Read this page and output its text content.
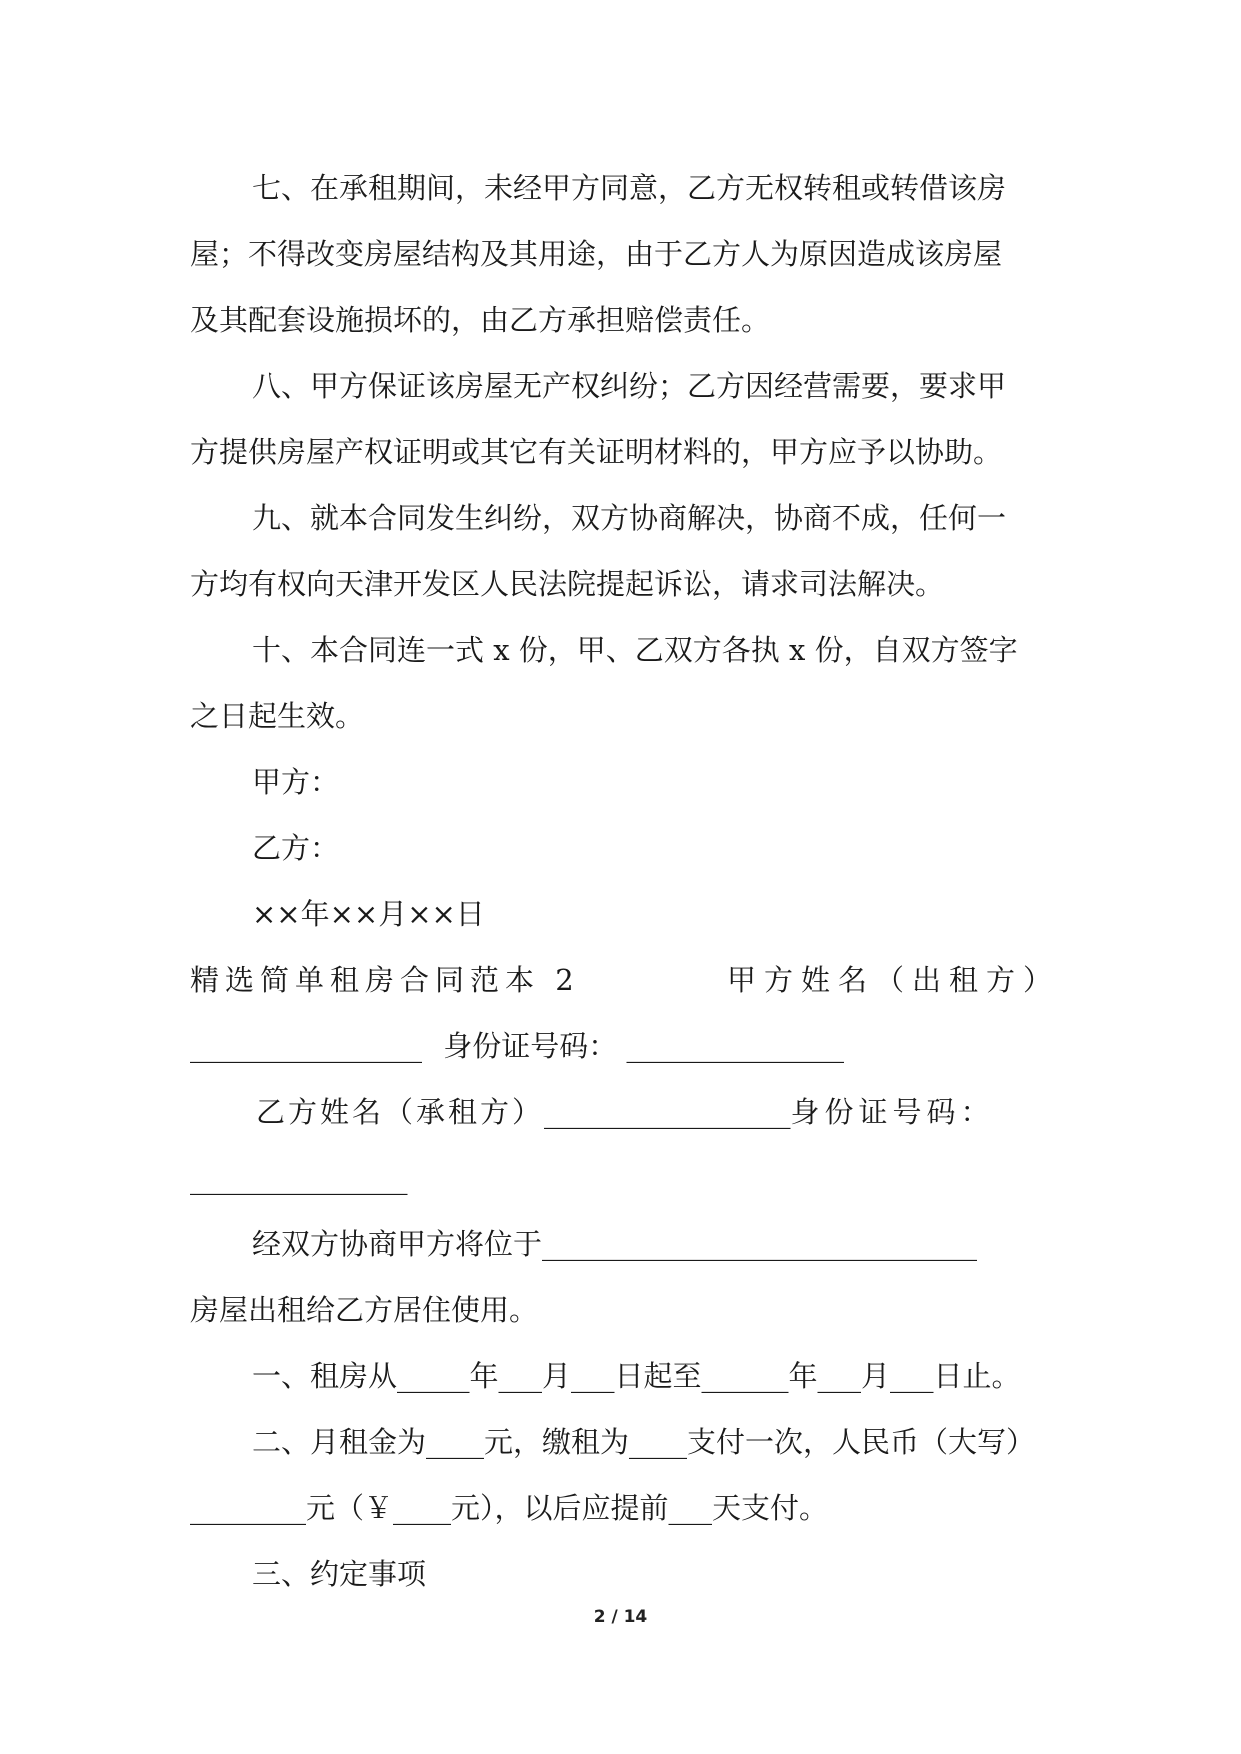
七、在承租期间，未经甲方同意，乙方无权转租或转借该房
屋；不得改变房屋结构及其用途，由于乙方人为原因造成该房屋
及其配套设施损坏的，由乙方承担赔偿责任。
八、甲方保证该房屋无产权纠纷；乙方因经营需要，要求甲
方提供房屋产权证明或其它有关证明材料的，甲方应予以协助。
九、就本合同发生纠纷，双方协商解决，协商不成，任何一
方均有权向天津开发区人民法院提起诉讼，请求司法解决。
十、本合同连一式 x 份，甲、乙双方各执 x 份，自双方签字
之日起生效。
甲方：
乙方：
××年××月××日
精选简单租房合同范本 2	甲方姓名（出租方）
________________ 身份证号码： _______________
乙方姓名（承租方）_________________身份证号码：
_______________
经双方协商甲方将位于______________________________
房屋出租给乙方居住使用。
一、租房从_____年___月___日起至______年___月___日止。
二、月租金为____元，缴租为____支付一次，人民币（大写）
________元（￥____元），以后应提前___天支付。
三、约定事项
2 / 14
